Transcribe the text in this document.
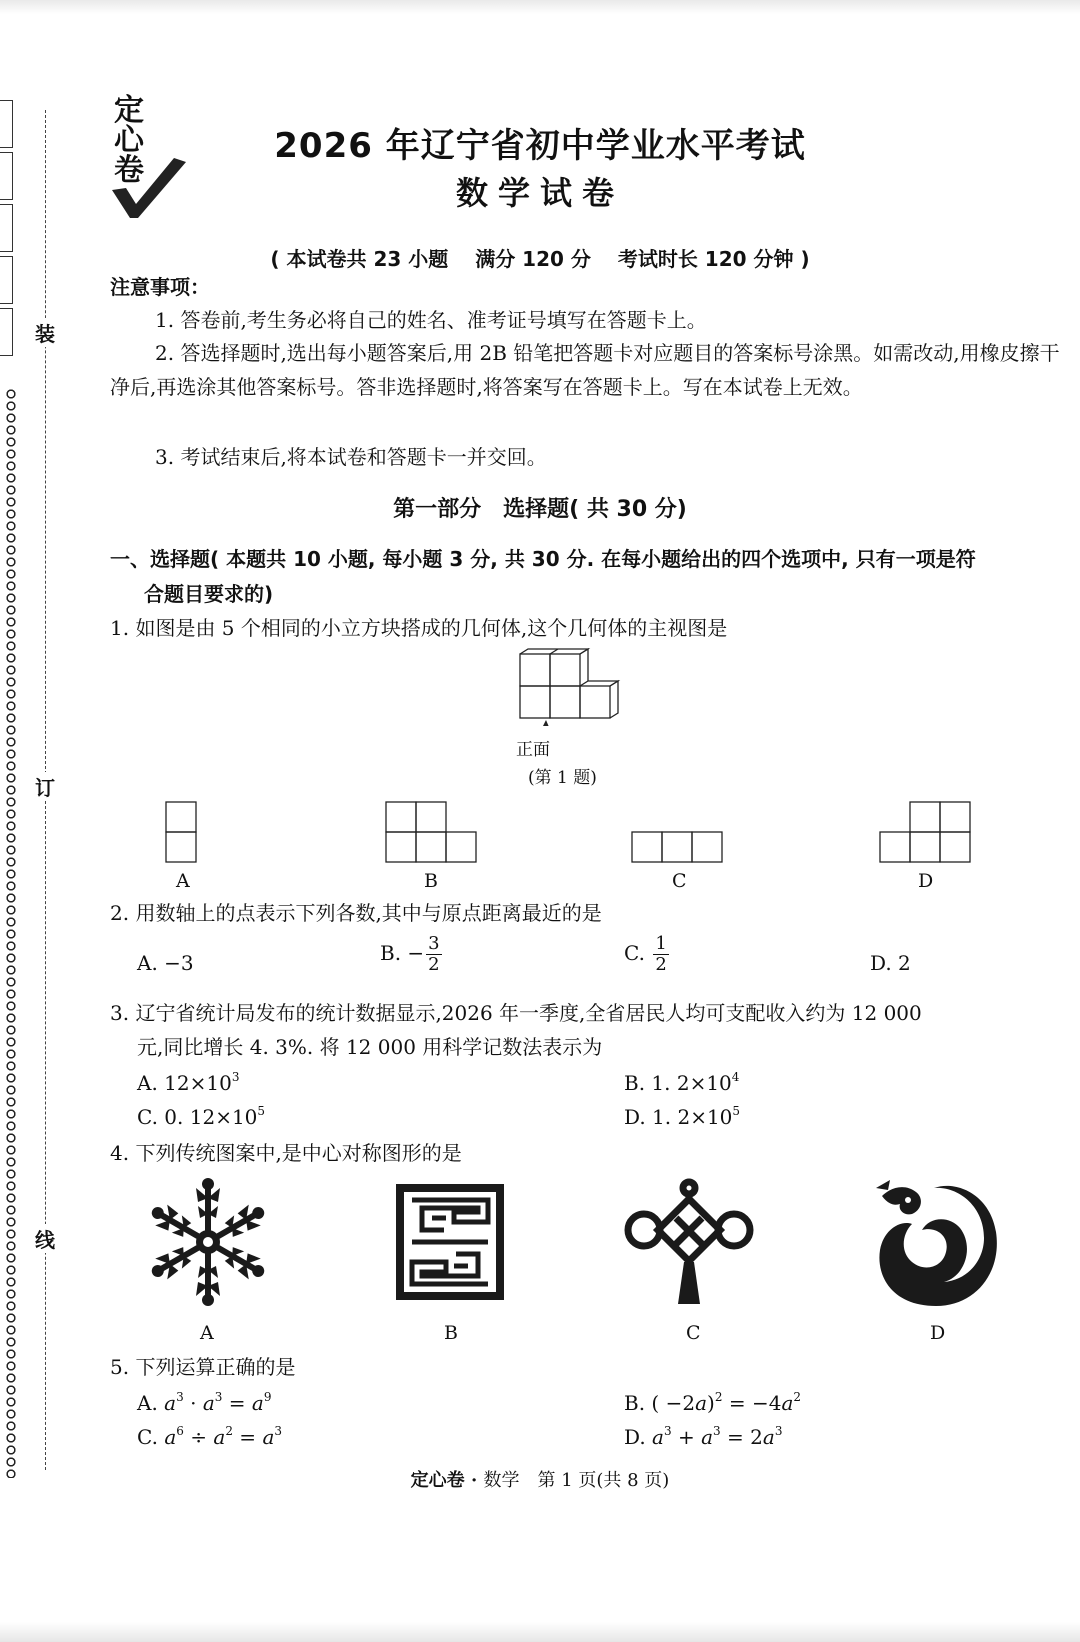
装
订
线
定
心
卷
2026 年辽宁省初中学业水平考试
数学试卷
( 本试卷共 23 小题　 满分 120 分　 考试时长 120 分钟 )
注意事项：
1. 答卷前,考生务必将自己的姓名、准考证号填写在答题卡上。
2. 答选择题时,选出每小题答案后,用 2B 铅笔把答题卡对应题目的答案标号涂黑。如需改动,用橡皮擦干净后,再选涂其他答案标号。答非选择题时,将答案写在答题卡上。写在本试卷上无效。
3. 考试结束后,将本试卷和答题卡一并交回。
第一部分　选择题( 共 30 分)
一、选择题( 本题共 10 小题, 每小题 3 分, 共 30 分. 在每小题给出的四个选项中, 只有一项是符
合题目要求的)
1. 如图是由 5 个相同的小立方块搭成的几何体,这个几何体的主视图是
正面
(第 1 题)
A	B	C	D
2. 用数轴上的点表示下列各数,其中与原点距离最近的是
A. −3	B. − $\frac{3}{2}$	C. $\frac{1}{2}$	D. 2
3. 辽宁省统计局发布的统计数据显示,2026 年一季度,全省居民人均可支配收入约为 12 000
元,同比增长 4. 3%. 将 12 000 用科学记数法表示为
A. $12\times 10^3$	B. 1. $2\times 10^4$
C. 0. $12\times 10^5$	D. 1. $2\times 10^5$
4. 下列传统图案中,是中心对称图形的是
A	B	C	D
5. 下列运算正确的是
A. $a^3 \cdot a^3 = a^9$	B. ( $-2a)^2 = -4a^2$
C. $a^6 \div a^2 = a^3$	D. $a^3 + a^3 = 2a^3$
定心卷 · 数学　第 1 页(共 8 页)
